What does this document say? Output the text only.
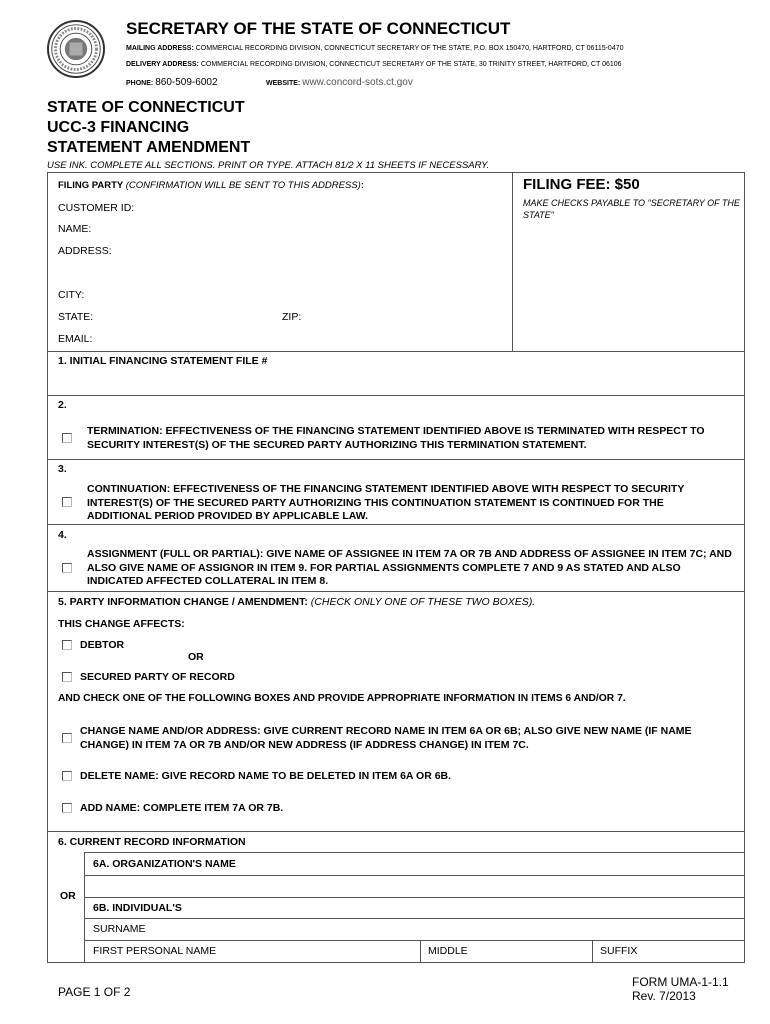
SECRETARY OF THE STATE OF CONNECTICUT
MAILING ADDRESS: COMMERCIAL RECORDING DIVISION, CONNECTICUT SECRETARY OF THE STATE, P.O. BOX 150470, HARTFORD, CT 06115-0470
DELIVERY ADDRESS: COMMERCIAL RECORDING DIVISION, CONNECTICUT SECRETARY OF THE STATE, 30 TRINITY STREET, HARTFORD, CT 06106
PHONE: 860-509-6002	WEBSITE: www.concord-sots.ct.gov
STATE OF CONNECTICUT
UCC-3 FINANCING
STATEMENT AMENDMENT
USE INK. COMPLETE ALL SECTIONS. PRINT OR TYPE. ATTACH 81/2 X 11 SHEETS IF NECESSARY.
FILING PARTY (CONFIRMATION WILL BE SENT TO THIS ADDRESS):
CUSTOMER ID:
NAME:
ADDRESS:
CITY:
STATE:	ZIP:
EMAIL:
FILING FEE: $50
MAKE CHECKS PAYABLE TO "SECRETARY OF THE STATE"
1. INITIAL FINANCING STATEMENT FILE #
2.
TERMINATION: EFFECTIVENESS OF THE FINANCING STATEMENT IDENTIFIED ABOVE IS TERMINATED WITH RESPECT TO SECURITY INTEREST(S) OF THE SECURED PARTY AUTHORIZING THIS TERMINATION STATEMENT.
3.
CONTINUATION: EFFECTIVENESS OF THE FINANCING STATEMENT IDENTIFIED ABOVE WITH RESPECT TO SECURITY INTEREST(S) OF THE SECURED PARTY AUTHORIZING THIS CONTINUATION STATEMENT IS CONTINUED FOR THE ADDITIONAL PERIOD PROVIDED BY APPLICABLE LAW.
4.
ASSIGNMENT (FULL OR PARTIAL): GIVE NAME OF ASSIGNEE IN ITEM 7A OR 7B AND ADDRESS OF ASSIGNEE IN ITEM 7C; AND ALSO GIVE NAME OF ASSIGNOR IN ITEM 9. FOR PARTIAL ASSIGNMENTS COMPLETE 7 AND 9 AS STATED AND ALSO INDICATED AFFECTED COLLATERAL IN ITEM 8.
5. PARTY INFORMATION CHANGE / AMENDMENT: (CHECK ONLY ONE OF THESE TWO BOXES).
THIS CHANGE AFFECTS:
DEBTOR
OR
SECURED PARTY OF RECORD
AND CHECK ONE OF THE FOLLOWING BOXES AND PROVIDE APPROPRIATE INFORMATION IN ITEMS 6 AND/OR 7.
CHANGE NAME AND/OR ADDRESS: GIVE CURRENT RECORD NAME IN ITEM 6A OR 6B; ALSO GIVE NEW NAME (IF NAME CHANGE) IN ITEM 7A OR 7B AND/OR NEW ADDRESS (IF ADDRESS CHANGE) IN ITEM 7C.
DELETE NAME: GIVE RECORD NAME TO BE DELETED IN ITEM 6A OR 6B.
ADD NAME: COMPLETE ITEM 7A OR 7B.
6. CURRENT RECORD INFORMATION
6A. ORGANIZATION'S NAME
OR
6B. INDIVIDUAL'S
SURNAME
FIRST PERSONAL NAME	MIDDLE	SUFFIX
PAGE 1 OF 2
FORM UMA-1-1.1
Rev. 7/2013
